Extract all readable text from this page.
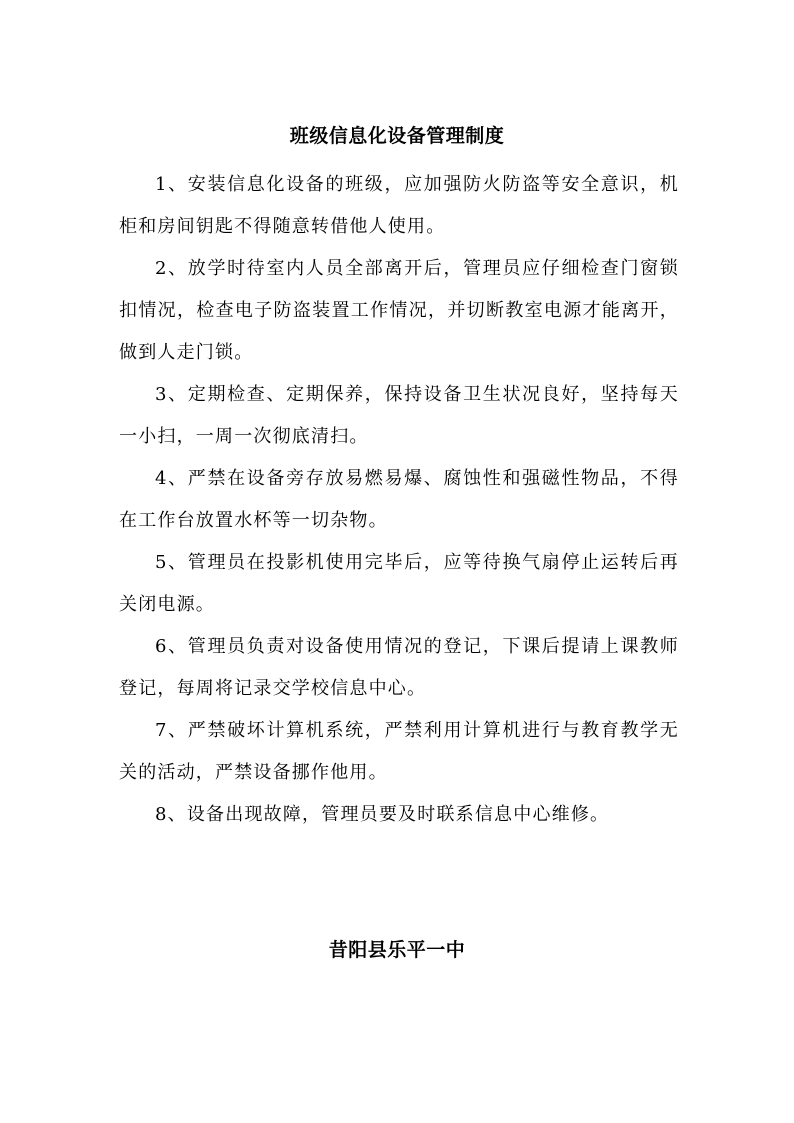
班级信息化设备管理制度

1、安装信息化设备的班级，应加强防火防盗等安全意识，机柜和房间钥匙不得随意转借他人使用。

2、放学时待室内人员全部离开后，管理员应仔细检查门窗锁扣情况，检查电子防盗装置工作情况，并切断教室电源才能离开，做到人走门锁。

3、定期检查、定期保养，保持设备卫生状况良好，坚持每天一小扫，一周一次彻底清扫。

4、严禁在设备旁存放易燃易爆、腐蚀性和强磁性物品，不得在工作台放置水杯等一切杂物。

5、管理员在投影机使用完毕后，应等待换气扇停止运转后再关闭电源。

6、管理员负责对设备使用情况的登记，下课后提请上课教师登记，每周将记录交学校信息中心。

7、严禁破坏计算机系统，严禁利用计算机进行与教育教学无关的活动，严禁设备挪作他用。

8、设备出现故障，管理员要及时联系信息中心维修。

昔阳县乐平一中
